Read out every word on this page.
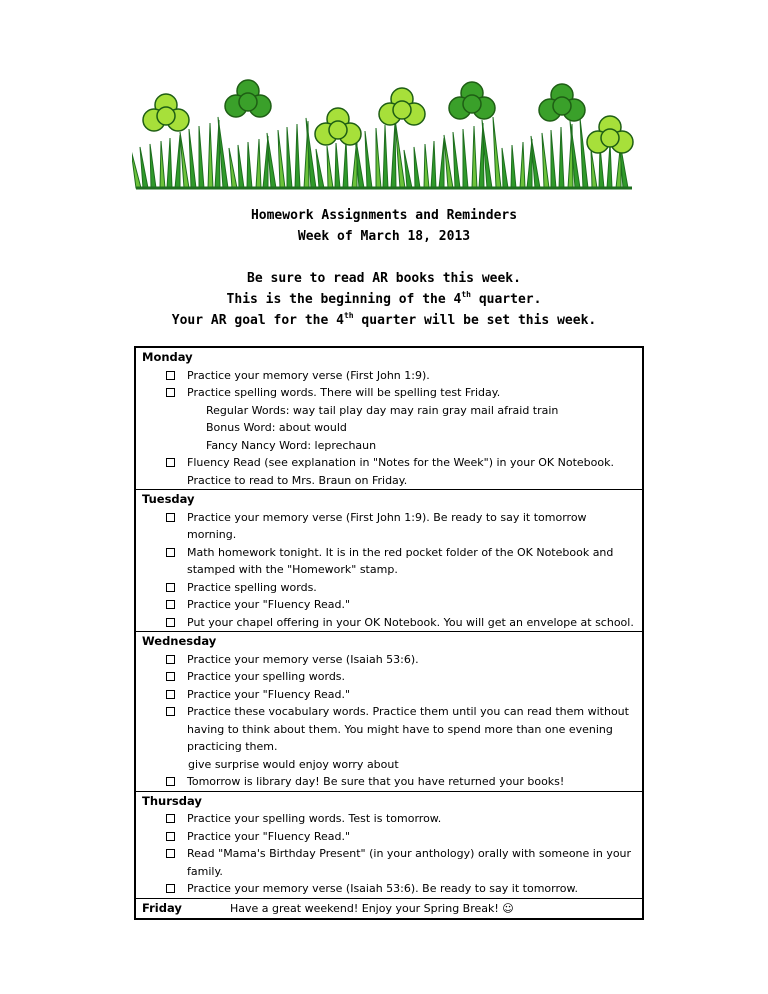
Homework Assignments and Reminders
Week of March 18, 2013
Be sure to read AR books this week.
This is the beginning of the 4th quarter.
Your AR goal for the 4th quarter will be set this week.
Monday
Practice your memory verse (First John 1:9).
Practice spelling words. There will be spelling test Friday.
Regular Words: way tail play day may rain gray mail afraid train
Bonus Word: about would
Fancy Nancy Word: leprechaun
Fluency Read (see explanation in "Notes for the Week") in your OK Notebook. Practice to read to Mrs. Braun on Friday.
Tuesday
Practice your memory verse (First John 1:9). Be ready to say it tomorrow morning.
Math homework tonight. It is in the red pocket folder of the OK Notebook and stamped with the "Homework" stamp.
Practice spelling words.
Practice your "Fluency Read."
Put your chapel offering in your OK Notebook. You will get an envelope at school.
Wednesday
Practice your memory verse (Isaiah 53:6).
Practice your spelling words.
Practice your "Fluency Read."
Practice these vocabulary words. Practice them until you can read them without having to think about them. You might have to spend more than one evening practicing them.
give surprise would enjoy worry about
Tomorrow is library day! Be sure that you have returned your books!
Thursday
Practice your spelling words. Test is tomorrow.
Practice your "Fluency Read."
Read "Mama's Birthday Present" (in your anthology) orally with someone in your family.
Practice your memory verse (Isaiah 53:6). Be ready to say it tomorrow.
Friday	Have a great weekend! Enjoy your Spring Break! ☺
